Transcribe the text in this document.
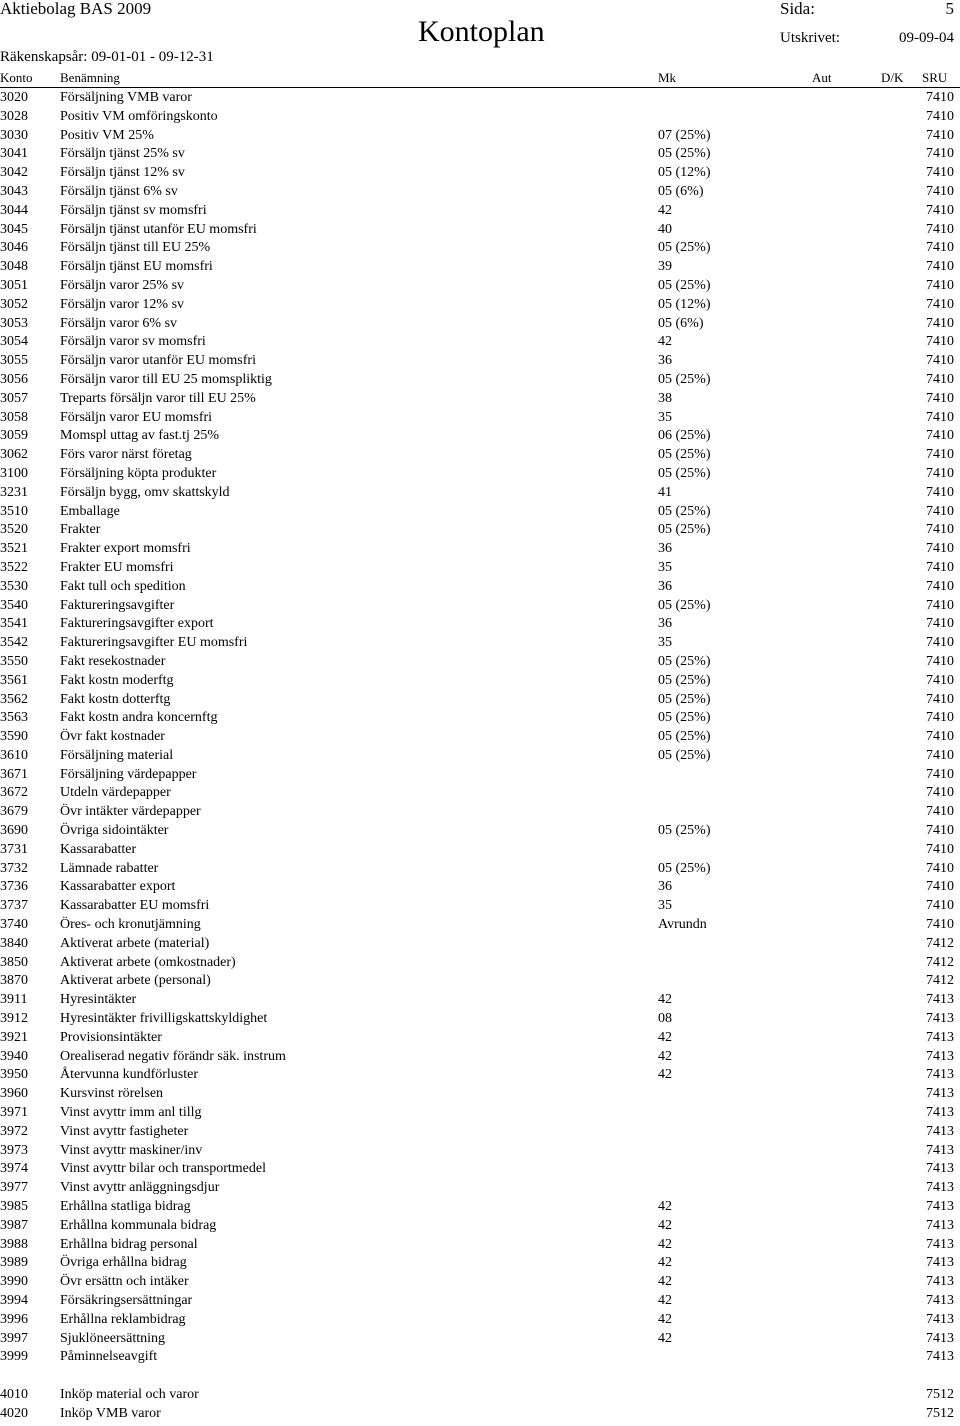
Aktiebolag BAS 2009
Kontoplan
Sida:	5
Utskrivet:	09-09-04
Räkenskapsår: 09-01-01 - 09-12-31
Konto Benämning	Mk	Aut	D/K SRU
3020 Försäljning VMB varor	7410
3028 Positiv VM omföringskonto	7410
3030 Positiv VM 25%	07 (25%)	7410
3041 Försäljn tjänst 25% sv	05 (25%)	7410
3042 Försäljn tjänst 12% sv	05 (12%)	7410
3043 Försäljn tjänst 6% sv	05 (6%)	7410
3044 Försäljn tjänst sv momsfri	42	7410
3045 Försäljn tjänst utanför EU momsfri	40	7410
3046 Försäljn tjänst till EU 25%	05 (25%)	7410
3048 Försäljn tjänst EU momsfri	39	7410
3051 Försäljn varor 25% sv	05 (25%)	7410
3052 Försäljn varor 12% sv	05 (12%)	7410
3053 Försäljn varor 6% sv	05 (6%)	7410
3054 Försäljn varor sv momsfri	42	7410
3055 Försäljn varor utanför EU momsfri	36	7410
3056 Försäljn varor till EU 25 momspliktig	05 (25%)	7410
3057 Treparts försäljn varor till EU 25%	38	7410
3058 Försäljn varor EU momsfri	35	7410
3059 Momspl uttag av fast.tj 25%	06 (25%)	7410
3062 Förs varor närst företag	05 (25%)	7410
3100 Försäljning köpta produkter	05 (25%)	7410
3231 Försäljn bygg, omv skattskyld	41	7410
3510 Emballage	05 (25%)	7410
3520 Frakter	05 (25%)	7410
3521 Frakter export momsfri	36	7410
3522 Frakter EU momsfri	35	7410
3530 Fakt tull och spedition	36	7410
3540 Faktureringsavgifter	05 (25%)	7410
3541 Faktureringsavgifter export	36	7410
3542 Faktureringsavgifter EU momsfri	35	7410
3550 Fakt resekostnader	05 (25%)	7410
3561 Fakt kostn moderftg	05 (25%)	7410
3562 Fakt kostn dotterftg	05 (25%)	7410
3563 Fakt kostn andra koncernftg	05 (25%)	7410
3590 Övr fakt kostnader	05 (25%)	7410
3610 Försäljning material	05 (25%)	7410
3671 Försäljning värdepapper	7410
3672 Utdeln värdepapper	7410
3679 Övr intäkter värdepapper	7410
3690 Övriga sidointäkter	05 (25%)	7410
3731 Kassarabatter	7410
3732 Lämnade rabatter	05 (25%)	7410
3736 Kassarabatter export	36	7410
3737 Kassarabatter EU momsfri	35	7410
3740 Öres- och kronutjämning	Avrundn	7410
3840 Aktiverat arbete (material)	7412
3850 Aktiverat arbete (omkostnader)	7412
3870 Aktiverat arbete (personal)	7412
3911 Hyresintäkter	42	7413
3912 Hyresintäkter frivilligskattskyldighet	08	7413
3921 Provisionsintäkter	42	7413
3940 Orealiserad negativ förändr säk. instrum	42	7413
3950 Återvunna kundförluster	42	7413
3960 Kursvinst rörelsen	7413
3971 Vinst avyttr imm anl tillg	7413
3972 Vinst avyttr fastigheter	7413
3973 Vinst avyttr maskiner/inv	7413
3974 Vinst avyttr bilar och transportmedel	7413
3977 Vinst avyttr anläggningsdjur	7413
3985 Erhållna statliga bidrag	42	7413
3987 Erhållna kommunala bidrag	42	7413
3988 Erhållna bidrag personal	42	7413
3989 Övriga erhållna bidrag	42	7413
3990 Övr ersättn och intäker	42	7413
3994 Försäkringsersättningar	42	7413
3996 Erhållna reklambidrag	42	7413
3997 Sjuklöneersättning	42	7413
3999 Påminnelseavgift	7413
4010 Inköp material och varor	7512
4020 Inköp VMB varor	7512
